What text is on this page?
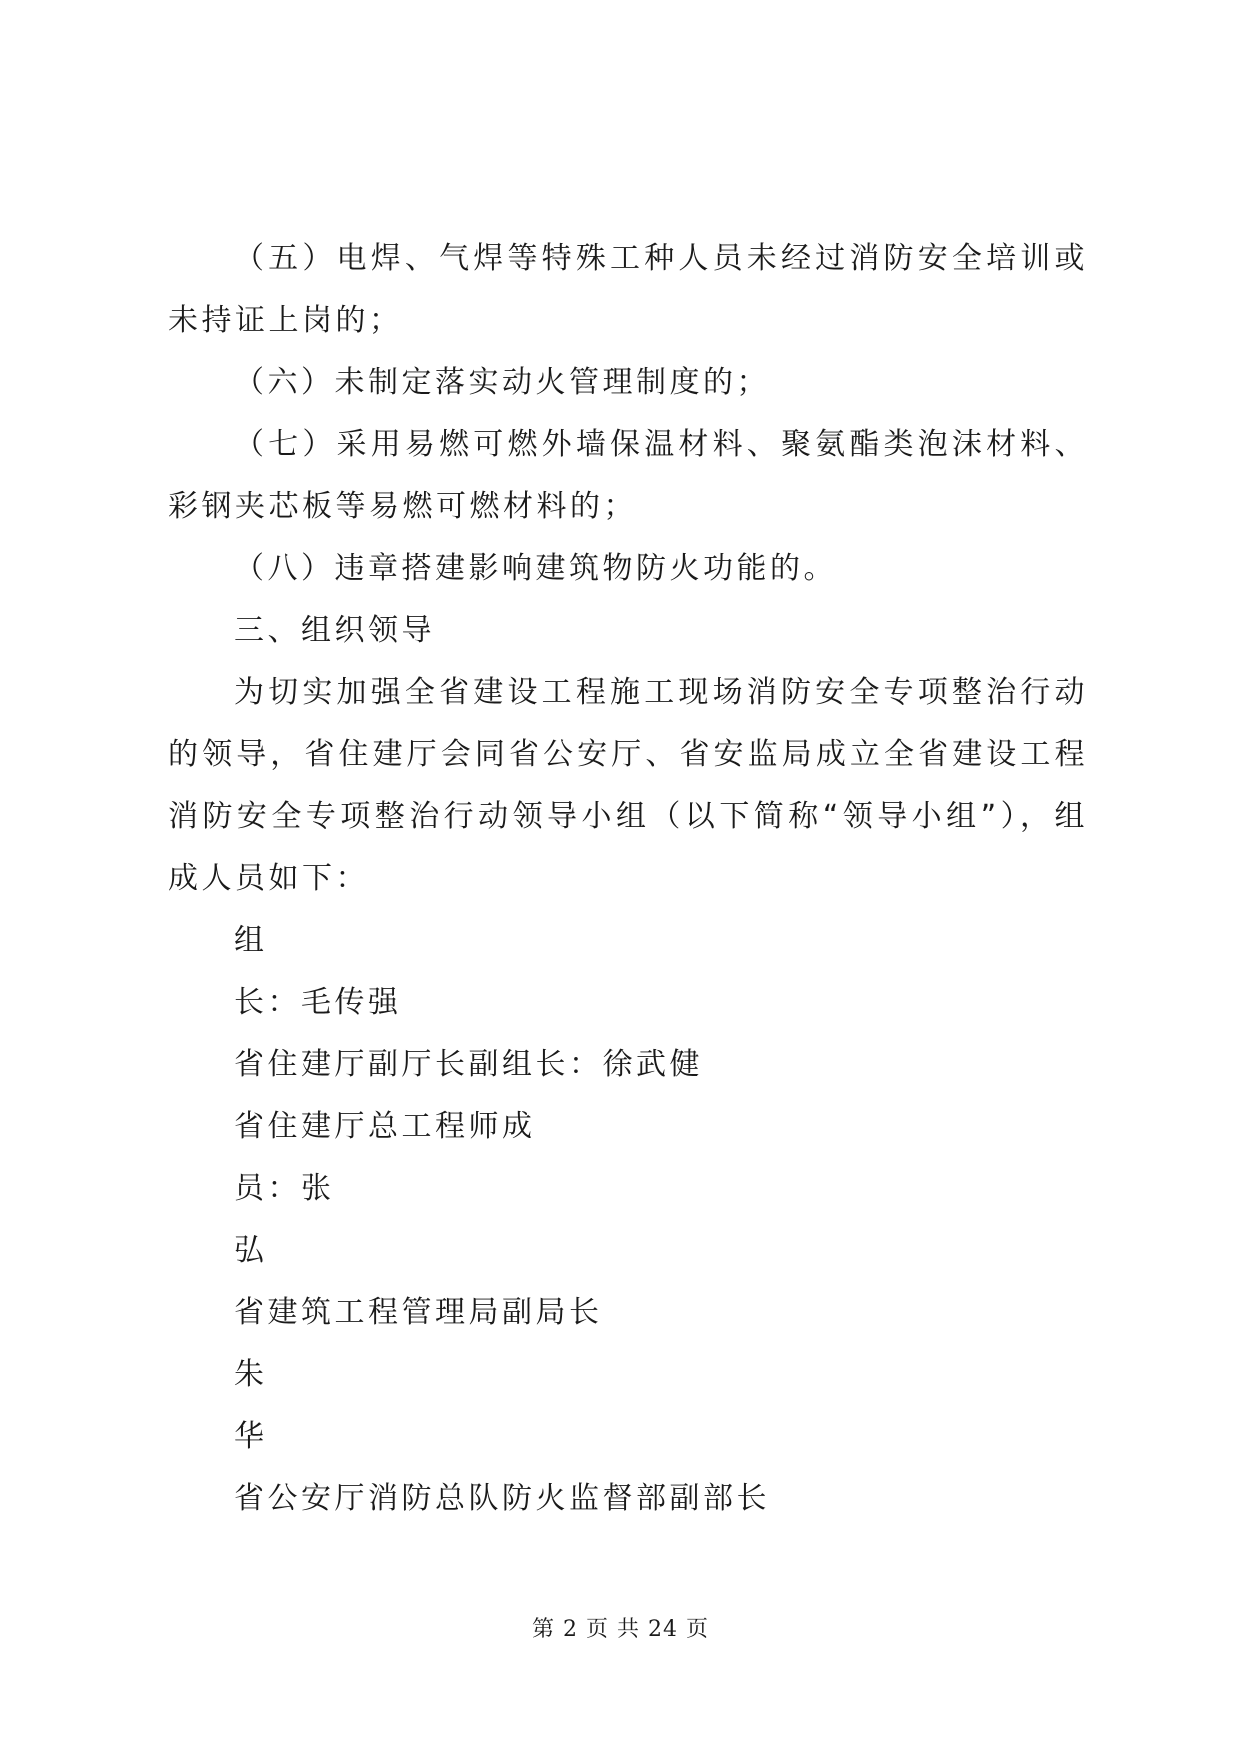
（五）电焊、气焊等特殊工种人员未经过消防安全培训或未持证上岗的；

（六）未制定落实动火管理制度的；

（七）采用易燃可燃外墙保温材料、聚氨酯类泡沫材料、彩钢夹芯板等易燃可燃材料的；

（八）违章搭建影响建筑物防火功能的。

三、组织领导

为切实加强全省建设工程施工现场消防安全专项整治行动的领导，省住建厅会同省公安厅、省安监局成立全省建设工程消防安全专项整治行动领导小组（以下简称“领导小组”），组成人员如下：

组

长：毛传强

省住建厅副厅长副组长：徐武健

省住建厅总工程师成

员：张

弘

省建筑工程管理局副局长

朱

华

省公安厅消防总队防火监督部副部长

第 2 页 共 24 页
